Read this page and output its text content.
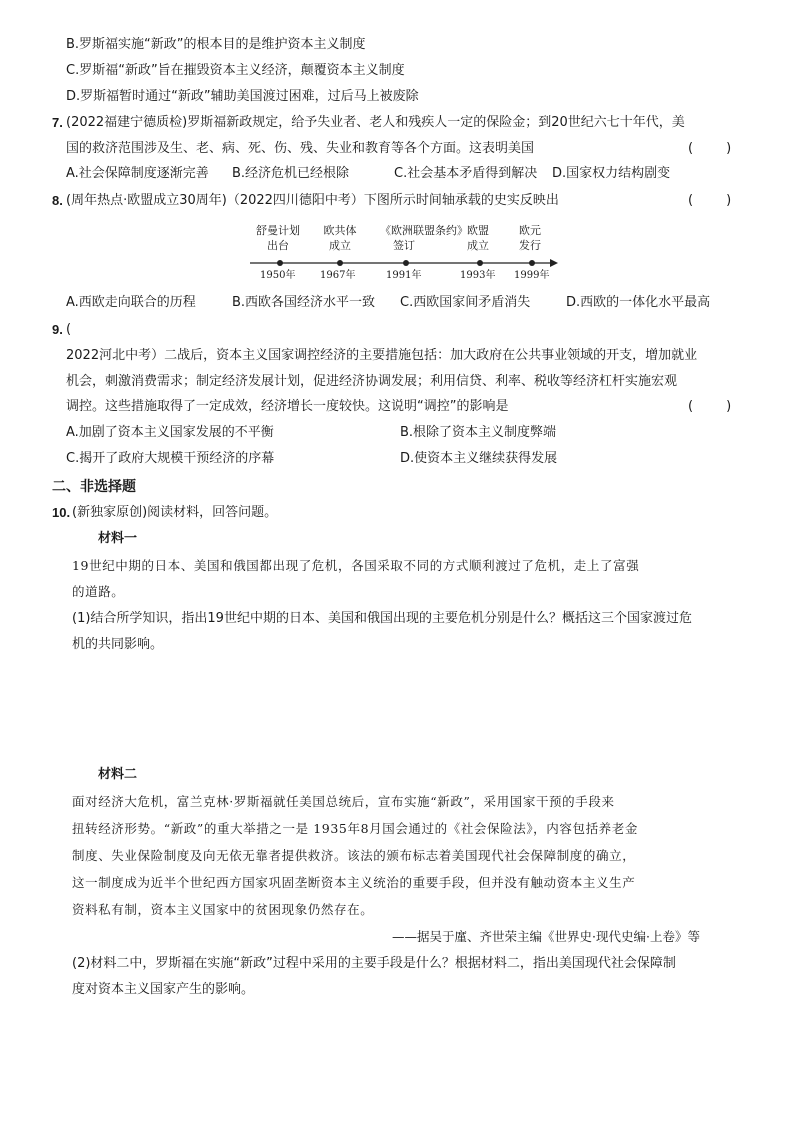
B.罗斯福实施“新政”的根本目的是维护资本主义制度
C.罗斯福“新政”旨在摧毁资本主义经济，颠覆资本主义制度
D.罗斯福暂时通过“新政”辅助美国渡过困难，过后马上被废除
7. (2022福建宁德质检)罗斯福新政规定，给予失业者、老人和残疾人一定的保险金；到20世纪六七十年代，美
国的救济范围涉及生、老、病、死、伤、残、失业和教育等各个方面。这表明美国	(        )
A.社会保障制度逐渐完善 B.经济危机已经根除	C.社会基本矛盾得到解决 D.国家权力结构剧变
8. (周年热点·欧盟成立30周年)（2022四川德阳中考）下图所示时间轴承载的史实反映出	(        )
舒曼计划
出台
欧共体
成立
《欧洲联盟条约》
签订
欧盟
成立
欧元
发行
1950年 1967年	1991年	1993年 1999年
A.西欧走向联合的历程	B.西欧各国经济水平一致 C.西欧国家间矛盾消失	D.西欧的一体化水平最高
9. (
2022河北中考）二战后，资本主义国家调控经济的主要措施包括：加大政府在公共事业领域的开支，增加就业
机会，刺激消费需求；制定经济发展计划，促进经济协调发展；利用信贷、利率、税收等经济杠杆实施宏观
调控。这些措施取得了一定成效，经济增长一度较快。这说明“调控”的影响是	(        )
A.加剧了资本主义国家发展的不平衡	B.根除了资本主义制度弊端
C.揭开了政府大规模干预经济的序幕	D.使资本主义继续获得发展
二、非选择题
10. (新独家原创)阅读材料，回答问题。
材料一
19世纪中期的日本、美国和俄国都出现了危机，各国采取不同的方式顺利渡过了危机，走上了富强
的道路。
(1)结合所学知识，指出19世纪中期的日本、美国和俄国出现的主要危机分别是什么？概括这三个国家渡过危
机的共同影响。
材料二
面对经济大危机，富兰克林·罗斯福就任美国总统后，宣布实施“新政”，采用国家干预的手段来
扭转经济形势。“新政”的重大举措之一是 1935年8月国会通过的《社会保险法》，内容包括养老金
制度、失业保险制度及向无依无靠者提供救济。该法的颁布标志着美国现代社会保障制度的确立，
这一制度成为近半个世纪西方国家巩固垄断资本主义统治的重要手段，但并没有触动资本主义生产
资料私有制，资本主义国家中的贫困现象仍然存在。
——据吴于廑、齐世荣主编《世界史·现代史编·上卷》等
(2)材料二中，罗斯福在实施“新政”过程中采用的主要手段是什么？根据材料二，指出美国现代社会保障制
度对资本主义国家产生的影响。
